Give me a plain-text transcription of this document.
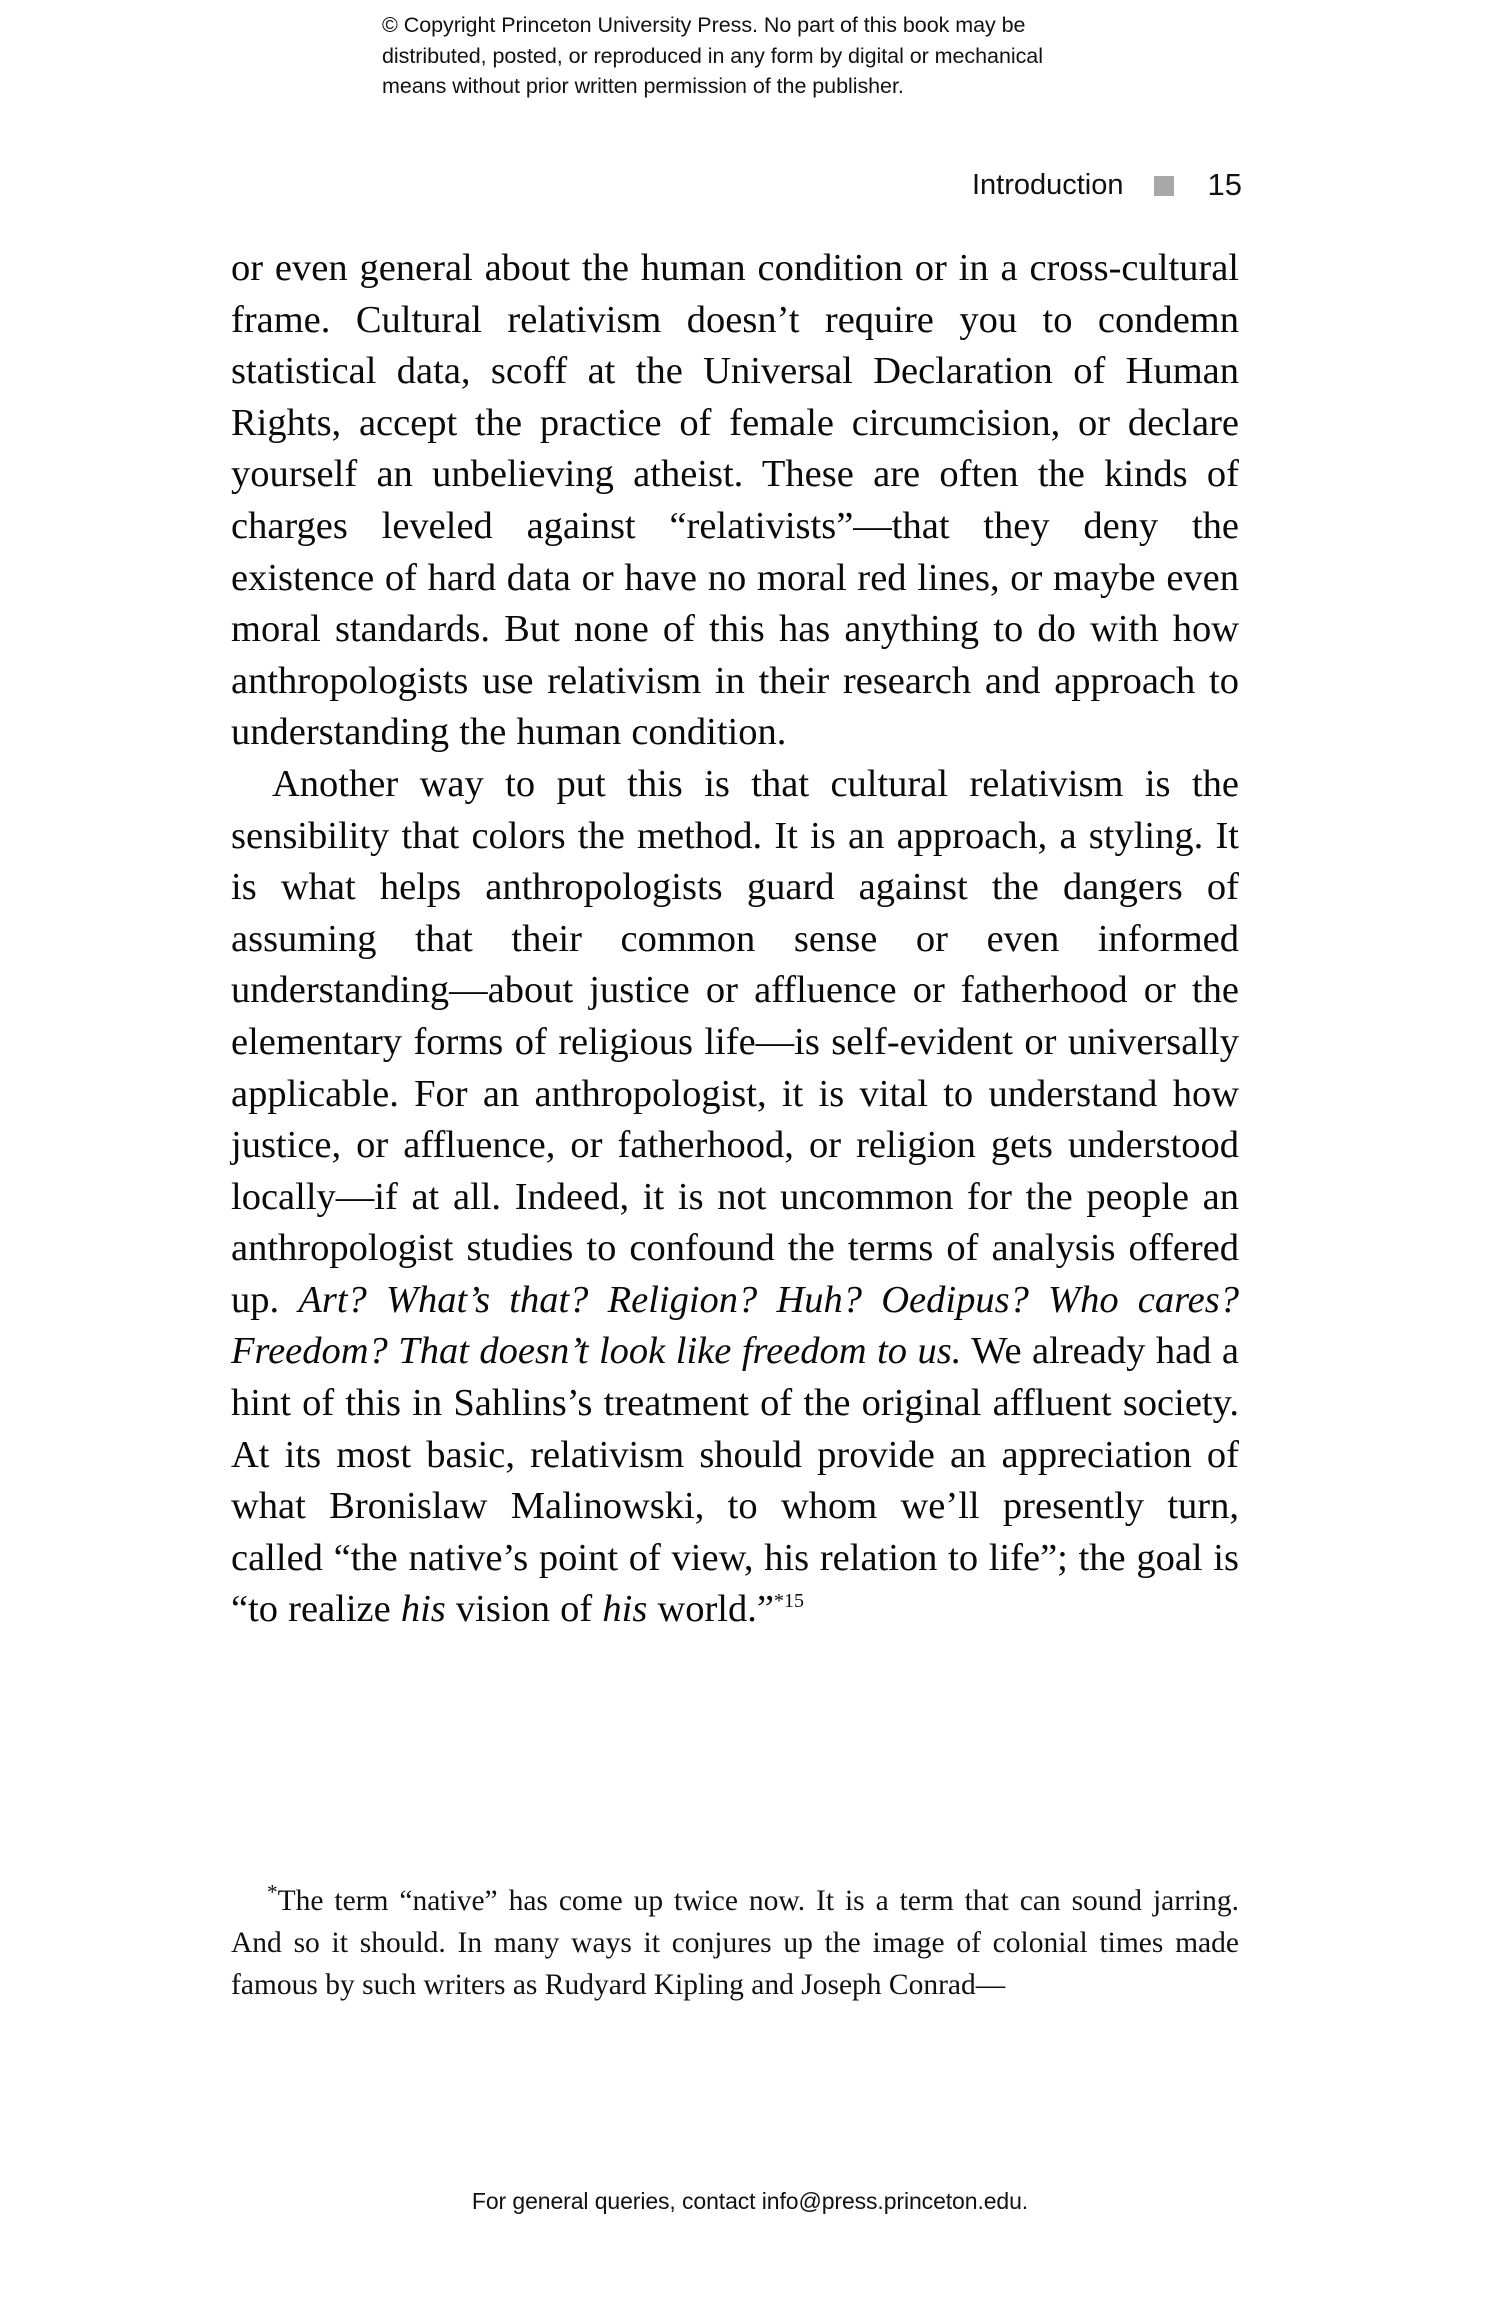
© Copyright Princeton University Press. No part of this book may be
distributed, posted, or reproduced in any form by digital or mechanical
means without prior written permission of the publisher.
Introduction	15

or even general about the human condition or in a cross-cultural frame. Cultural relativism doesn’t require you to condemn statistical data, scoff at the Universal Declaration of Human Rights, accept the practice of female circumcision, or declare yourself an unbelieving atheist. These are often the kinds of charges leveled against “relativists”—that they deny the existence of hard data or have no moral red lines, or maybe even moral standards. But none of this has anything to do with how anthropologists use relativism in their research and approach to understanding the human condition.

Another way to put this is that cultural relativism is the sensibility that colors the method. It is an approach, a styling. It is what helps anthropologists guard against the dangers of assuming that their common sense or even informed understanding—about justice or affluence or fatherhood or the elementary forms of religious life—is self-evident or universally applicable. For an anthropologist, it is vital to understand how justice, or affluence, or fatherhood, or religion gets understood locally—if at all. Indeed, it is not uncommon for the people an anthropologist studies to confound the terms of analysis offered up. Art? What’s that? Religion? Huh? Oedipus? Who cares? Freedom? That doesn’t look like freedom to us. We already had a hint of this in Sahlins’s treatment of the original affluent society. At its most basic, relativism should provide an appreciation of what Bronislaw Malinowski, to whom we’ll presently turn, called “the native’s point of view, his relation to life”; the goal is “to realize his vision of his world.”$^{*15}$

*The term “native” has come up twice now. It is a term that can sound jarring. And so it should. In many ways it conjures up the image of colonial times made famous by such writers as Rudyard Kipling and Joseph Conrad—
For general queries, contact info@press.princeton.edu.
